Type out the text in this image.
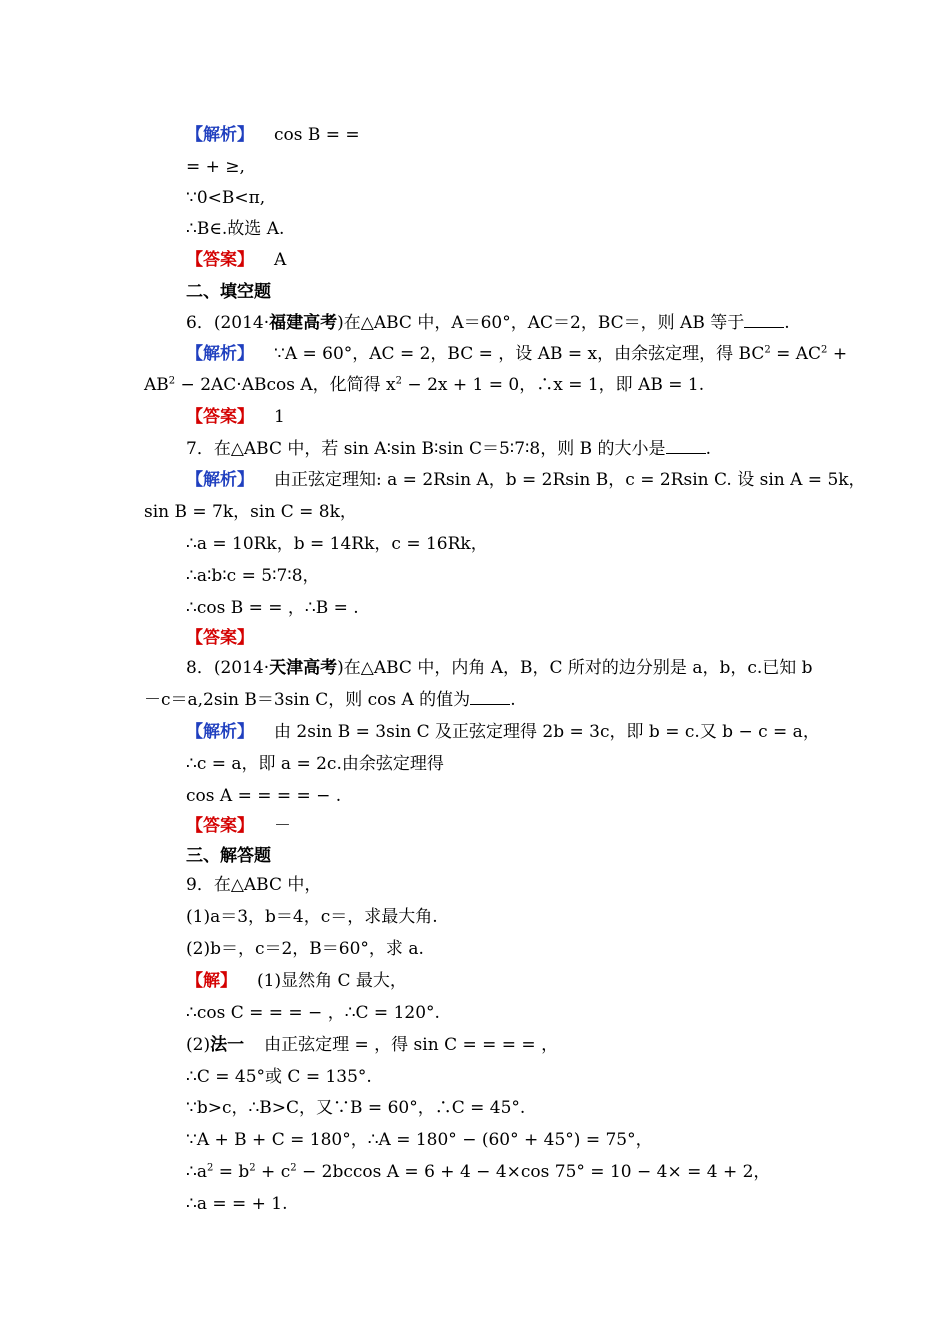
【解析】 cos B = =
= + ≥,
∵0<B<π,
∴B∈.故选 A.
【答案】 A
二、填空题
6．(2014·福建高考)在△ABC 中，A＝60°，AC＝2，BC＝，则 AB 等于 .
【解析】 ∵A = 60°，AC = 2，BC = ，设 AB = x，由余弦定理，得 $BC^2 = AC^2$ +
$AB^2 - 2AC\cdot ABcos$ A，化简得 $x^2 - 2x + 1 = 0$，∴x = 1，即 AB = 1.
【答案】 1
7．在△ABC 中，若 sin A∶sin B∶sin C＝5∶7∶8，则 B 的大小是 .
【解析】 由正弦定理知: a = 2Rsin A，b = 2Rsin B，c = 2Rsin C. 设 sin A = 5k，
sin B = 7k，sin C = 8k，
∴a = 10Rk，b = 14Rk，c = 16Rk，
∴a∶b∶c = 5∶7∶8，
∴cos B = = ，∴B = .
【答案】
8．(2014·天津高考)在△ABC 中，内角 A，B，C 所对的边分别是 a，b，c.已知 b
－c＝a,2sin B＝3sin C，则 cos A 的值为 .
【解析】 由 2sin B = 3sin C 及正弦定理得 2b = 3c，即 b = c.又 b − c = a，
∴c = a，即 a = 2c.由余弦定理得
cos A = = = = − .
【答案】 －
三、解答题
9．在△ABC 中，
(1)a＝3，b＝4，c＝，求最大角.
(2)b＝，c＝2，B＝60°，求 a.
【解】 (1)显然角 C 最大，
∴cos C = = = − ，∴C = 120°.
(2)法一 由正弦定理 = ，得 sin C = = = = ，
∴C = 45°或 C = 135°.
∵b>c，∴B>C，又∵B = 60°，∴C = 45°.
∵A + B + C = 180°，∴A = 180° − (60° + 45°) = 75°，
$\therefore a^2 = b^2 + c^2 - 2bccos$ A = 6 + 4 − 4×cos 75° = 10 − 4× = 4 + 2，
∴a = = + 1.
